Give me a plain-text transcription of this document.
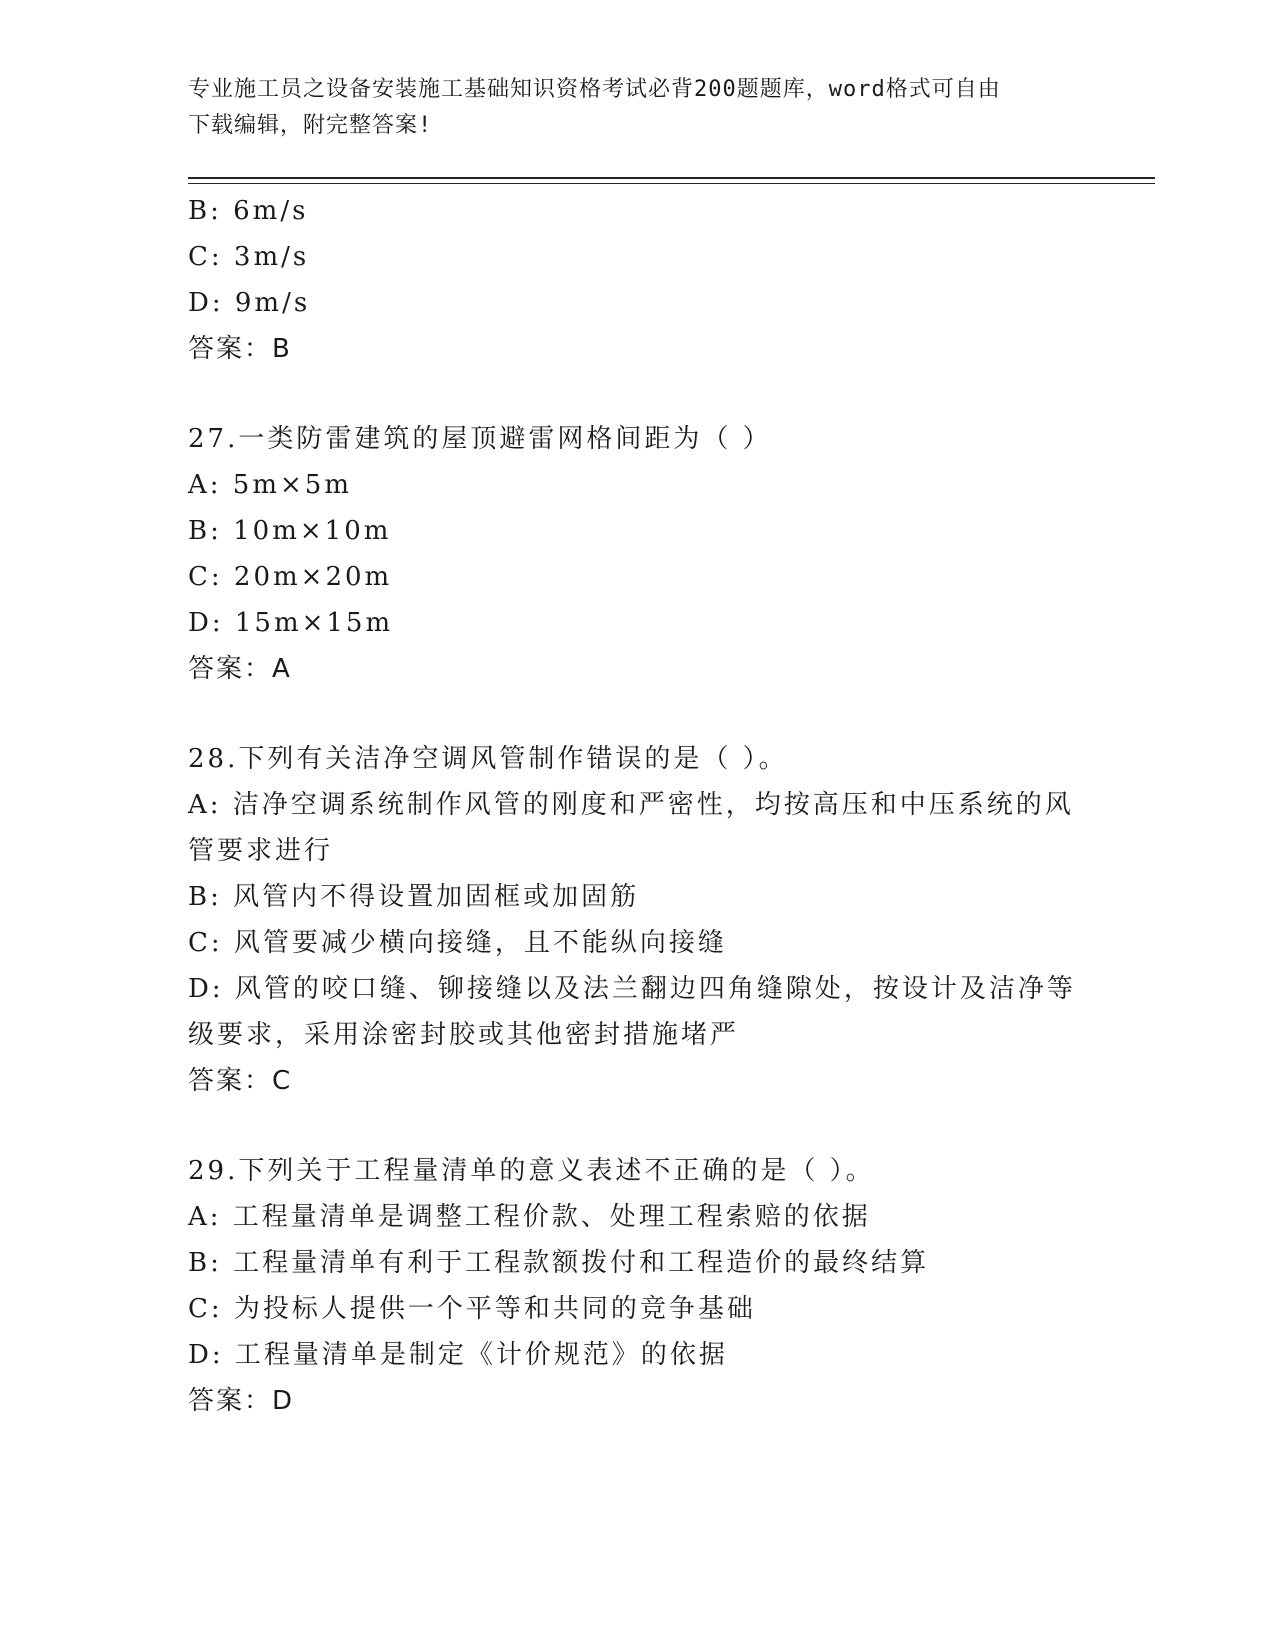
专业施工员之设备安装施工基础知识资格考试必背200题题库，word格式可自由
下载编辑，附完整答案!
B: 6m/s
C: 3m/s
D: 9m/s
答案：B
27.一类防雷建筑的屋顶避雷网格间距为（ ）
A: 5m×5m
B: 10m×10m
C: 20m×20m
D: 15m×15m
答案：A
28.下列有关洁净空调风管制作错误的是（ ）。
A: 洁净空调系统制作风管的刚度和严密性，均按高压和中压系统的风管要求进行
B: 风管内不得设置加固框或加固筋
C: 风管要减少横向接缝，且不能纵向接缝
D: 风管的咬口缝、铆接缝以及法兰翻边四角缝隙处，按设计及洁净等级要求，采用涂密封胶或其他密封措施堵严
答案：C
29.下列关于工程量清单的意义表述不正确的是（ ）。
A: 工程量清单是调整工程价款、处理工程索赔的依据
B: 工程量清单有利于工程款额拨付和工程造价的最终结算
C: 为投标人提供一个平等和共同的竞争基础
D: 工程量清单是制定《计价规范》的依据
答案：D
